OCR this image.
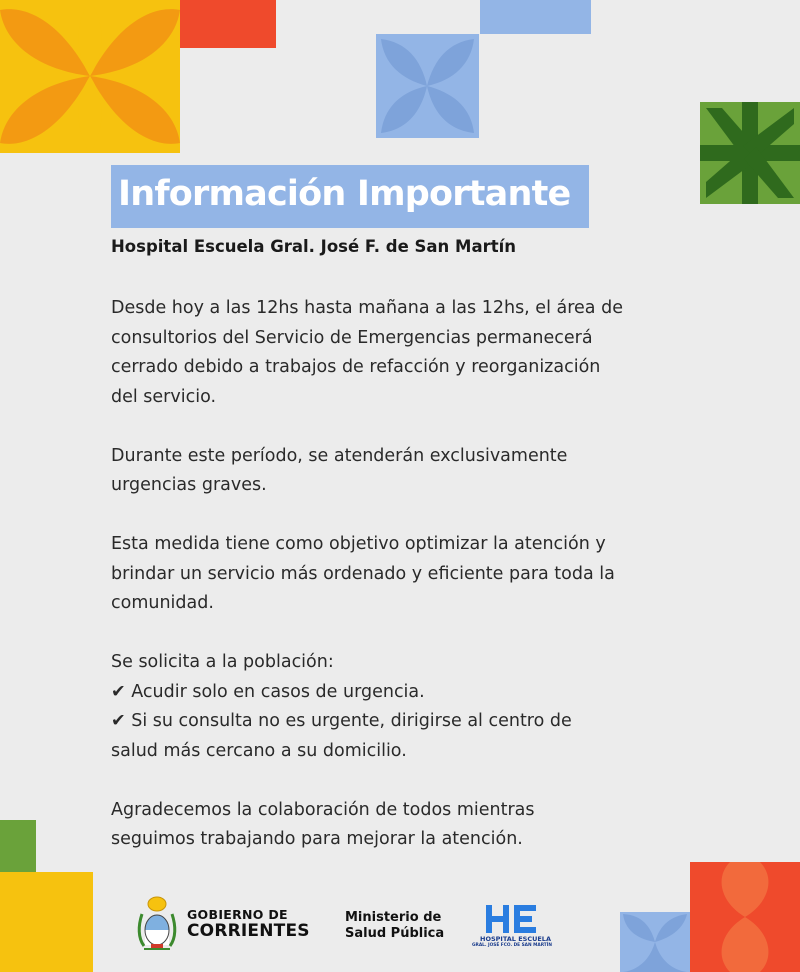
Información Importante
Hospital Escuela Gral. José F. de San Martín

Desde hoy a las 12hs hasta mañana a las 12hs, el área de
consultorios del Servicio de Emergencias permanecerá
cerrado debido a trabajos de refacción y reorganización
del servicio.

Durante este período, se atenderán exclusivamente
urgencias graves.

Esta medida tiene como objetivo optimizar la atención y
brindar un servicio más ordenado y eficiente para toda la
comunidad.

Se solicita a la población:
✔ Acudir solo en casos de urgencia.
✔ Si su consulta no es urgente, dirigirse al centro de
salud más cercano a su domicilio.

Agradecemos la colaboración de todos mientras
seguimos trabajando para mejorar la atención.

GOBIERNO DE
CORRIENTES
Ministerio de
Salud Pública	HOSPITAL ESCUELA
GRAL. JOSÉ FCO. DE SAN MARTÍN
